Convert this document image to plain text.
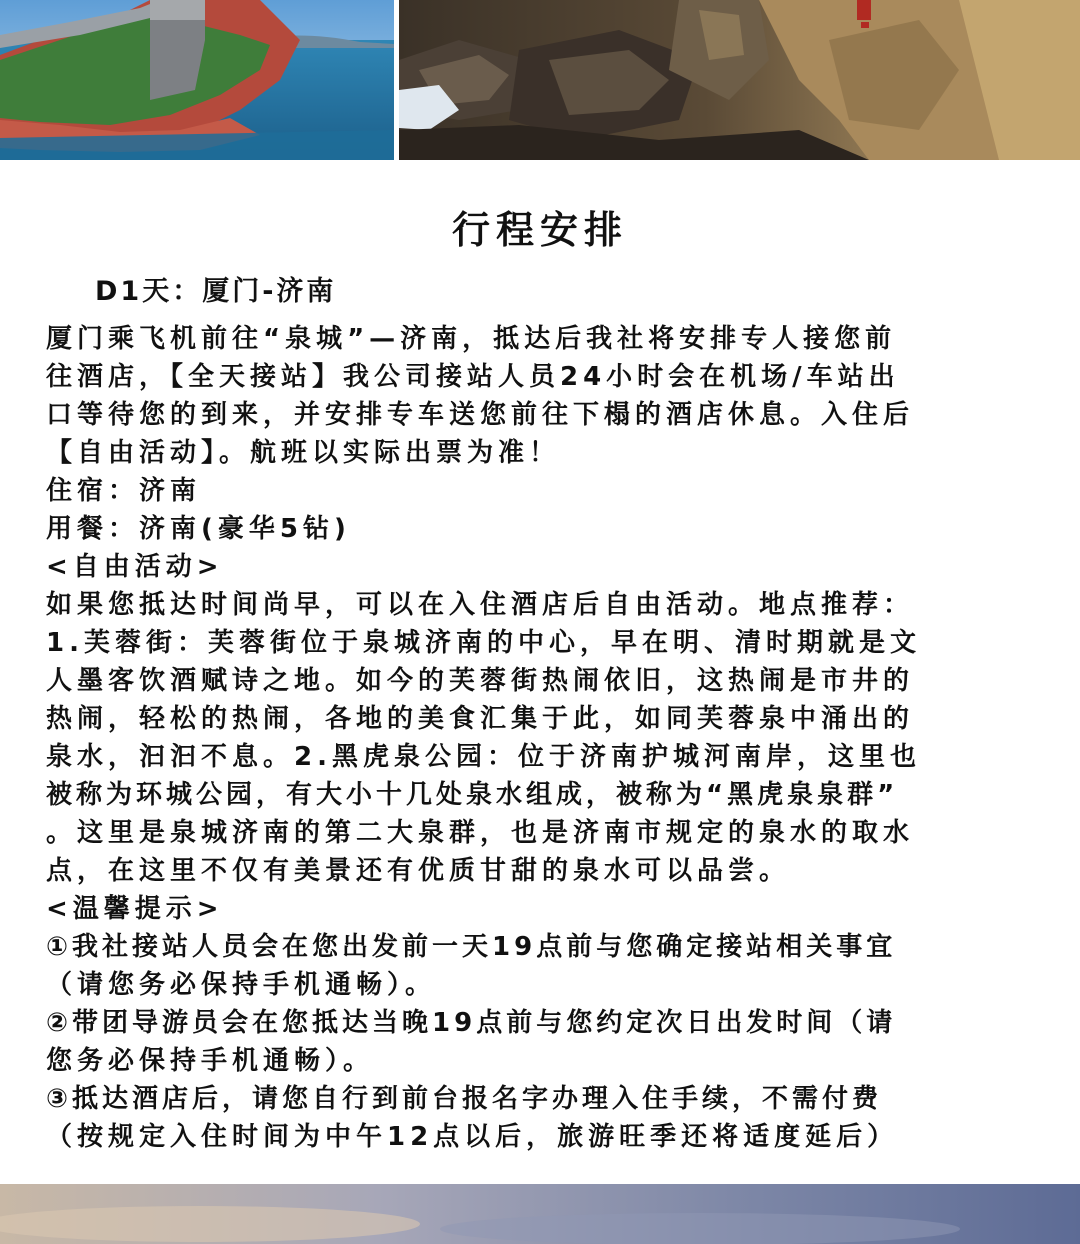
行程安排
D1天：厦门-济南
厦门乘飞机前往“泉城”—济南，抵达后我社将安排专人接您前
往酒店，【全天接站】我公司接站人员24小时会在机场/车站出
口等待您的到来，并安排专车送您前往下榻的酒店休息。入住后
【自由活动】。航班以实际出票为准！
住宿：济南
用餐：济南(豪华5钻)
<自由活动>
如果您抵达时间尚早，可以在入住酒店后自由活动。地点推荐：
1.芙蓉街：芙蓉街位于泉城济南的中心，早在明、清时期就是文
人墨客饮酒赋诗之地。如今的芙蓉街热闹依旧，这热闹是市井的
热闹，轻松的热闹，各地的美食汇集于此，如同芙蓉泉中涌出的
泉水，汩汩不息。2.黑虎泉公园：位于济南护城河南岸，这里也
被称为环城公园，有大小十几处泉水组成，被称为“黑虎泉泉群”
。这里是泉城济南的第二大泉群，也是济南市规定的泉水的取水
点，在这里不仅有美景还有优质甘甜的泉水可以品尝。
<温馨提示>
①我社接站人员会在您出发前一天19点前与您确定接站相关事宜
（请您务必保持手机通畅）。
②带团导游员会在您抵达当晚19点前与您约定次日出发时间（请
您务必保持手机通畅）。
③抵达酒店后，请您自行到前台报名字办理入住手续，不需付费
（按规定入住时间为中午12点以后，旅游旺季还将适度延后）
